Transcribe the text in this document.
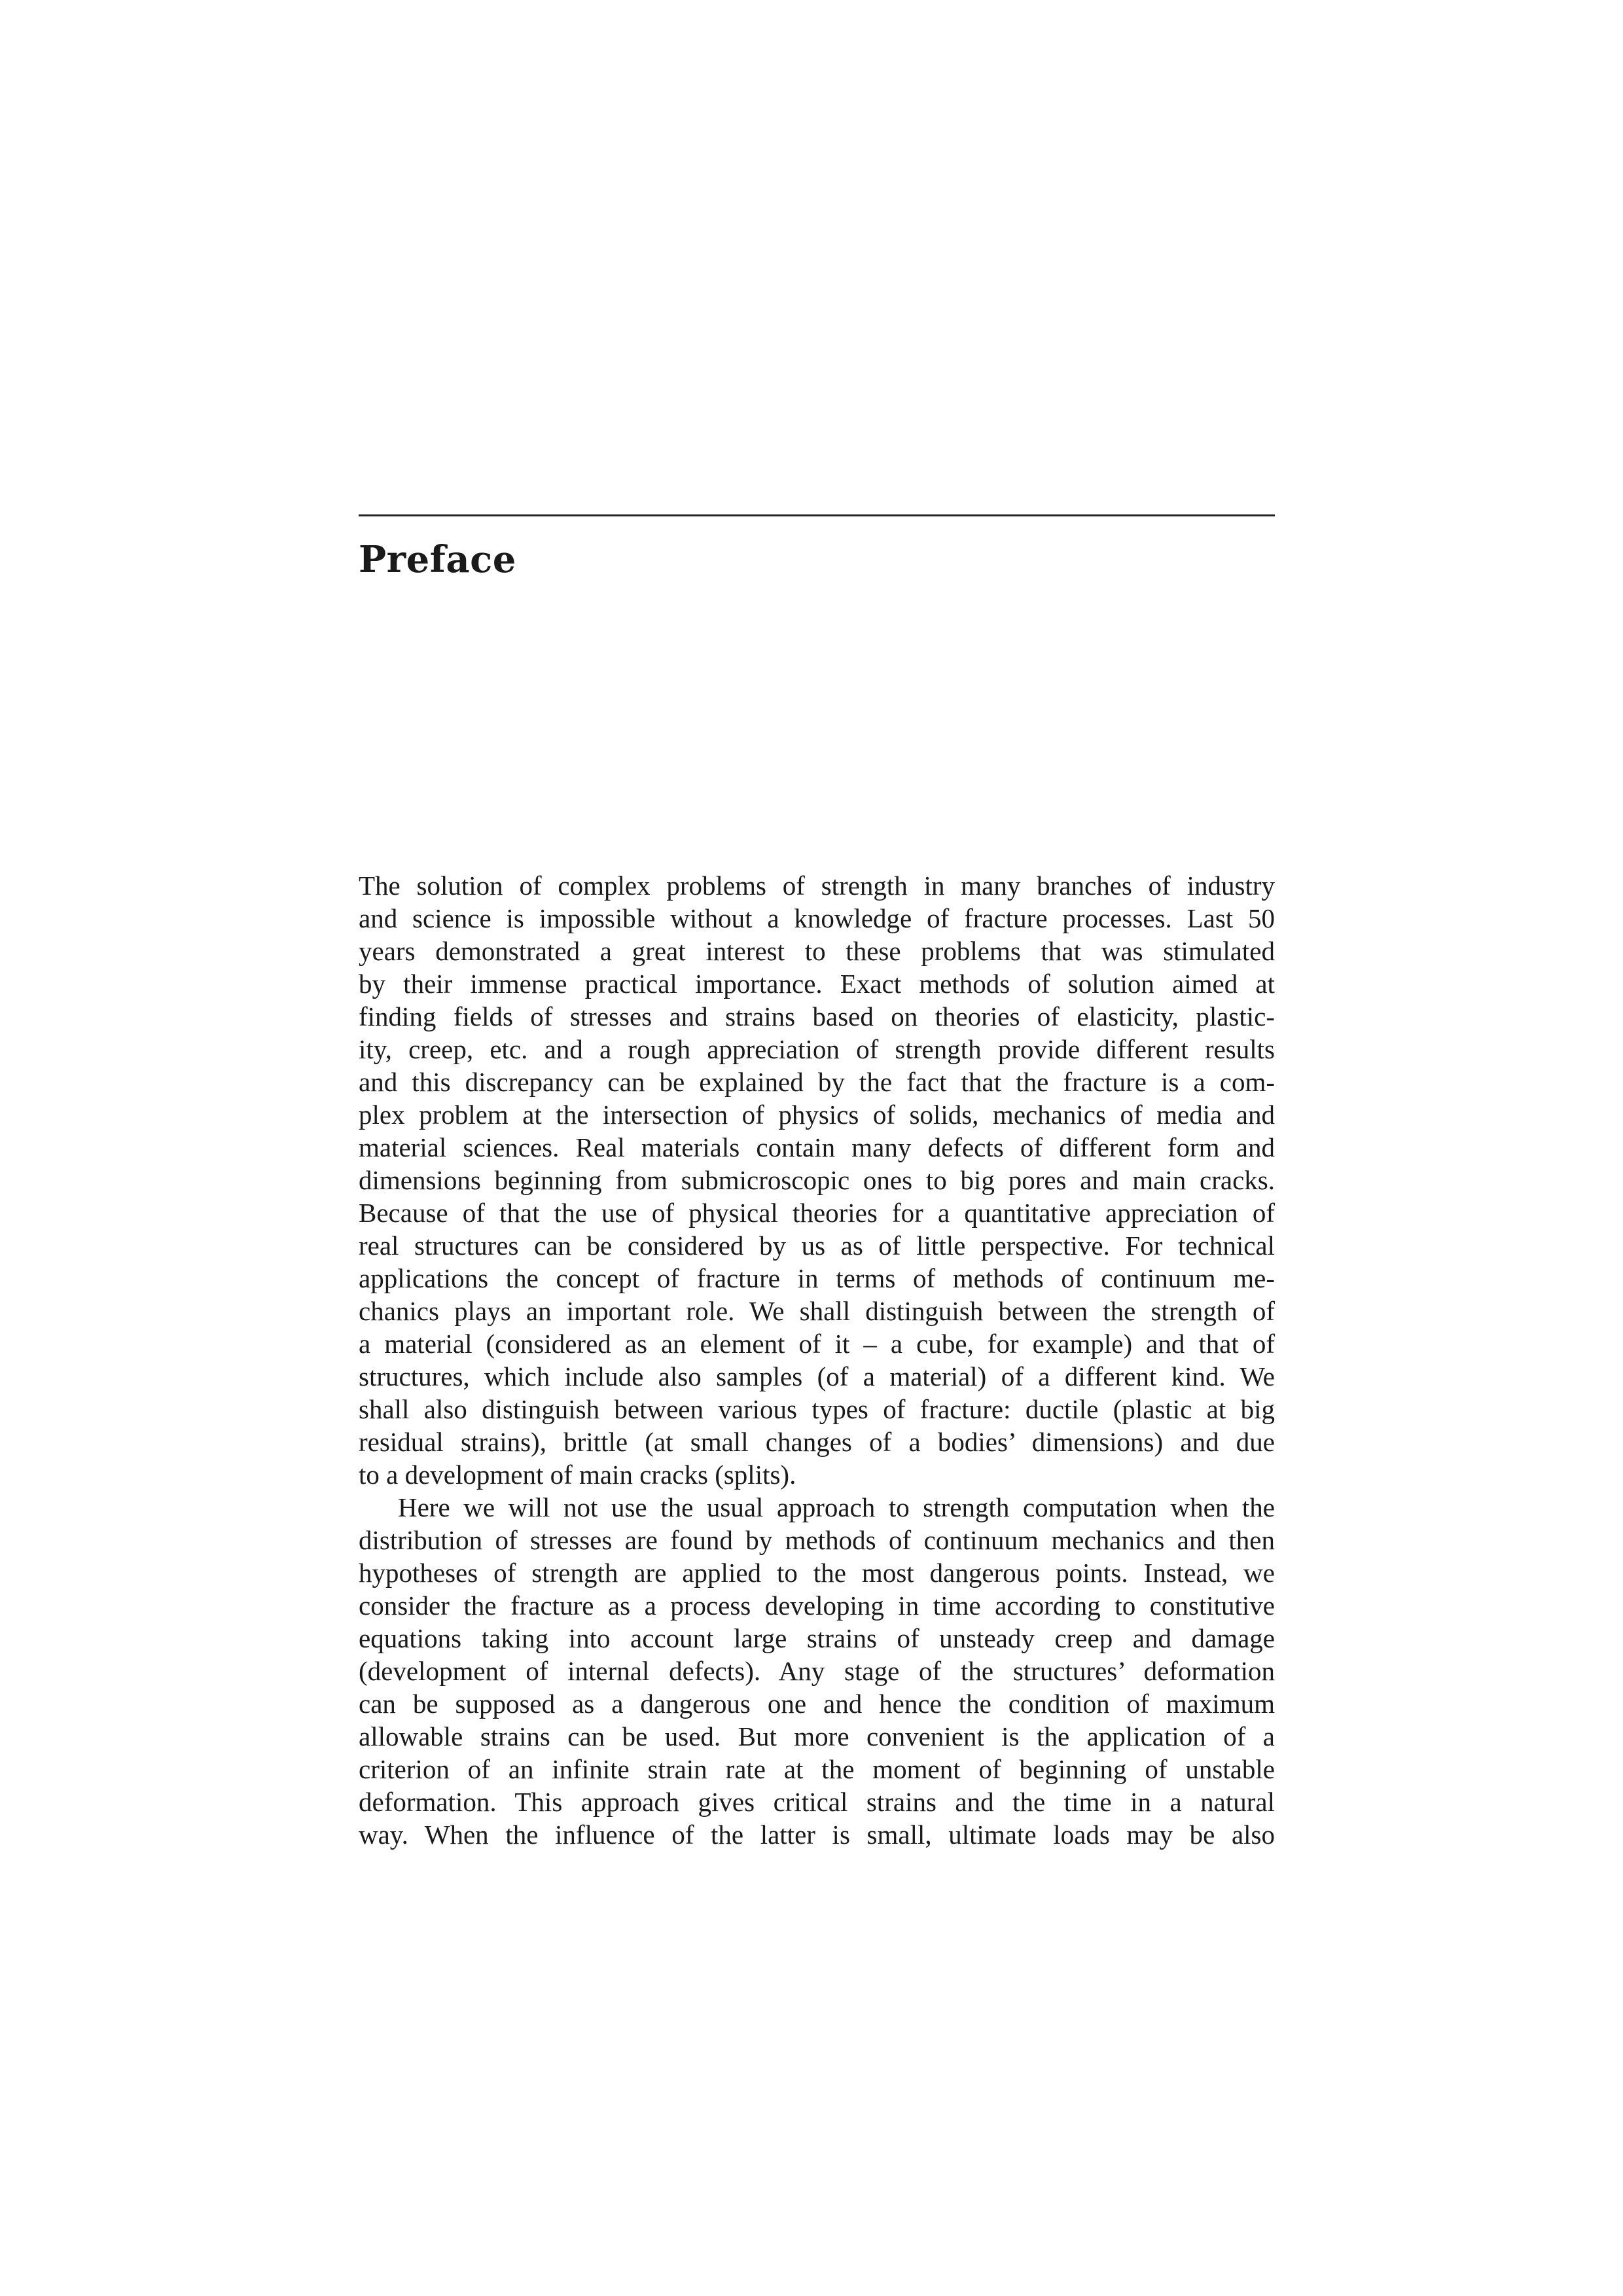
Preface
The solution of complex problems of strength in many branches of industry
and science is impossible without a knowledge of fracture processes. Last 50
years demonstrated a great interest to these problems that was stimulated
by their immense practical importance. Exact methods of solution aimed at
finding fields of stresses and strains based on theories of elasticity, plastic-
ity, creep, etc. and a rough appreciation of strength provide different results
and this discrepancy can be explained by the fact that the fracture is a com-
plex problem at the intersection of physics of solids, mechanics of media and
material sciences. Real materials contain many defects of different form and
dimensions beginning from submicroscopic ones to big pores and main cracks.
Because of that the use of physical theories for a quantitative appreciation of
real structures can be considered by us as of little perspective. For technical
applications the concept of fracture in terms of methods of continuum me-
chanics plays an important role. We shall distinguish between the strength of
a material (considered as an element of it – a cube, for example) and that of
structures, which include also samples (of a material) of a different kind. We
shall also distinguish between various types of fracture: ductile (plastic at big
residual strains), brittle (at small changes of a bodies’ dimensions) and due
to a development of main cracks (splits).
Here we will not use the usual approach to strength computation when the
distribution of stresses are found by methods of continuum mechanics and then
hypotheses of strength are applied to the most dangerous points. Instead, we
consider the fracture as a process developing in time according to constitutive
equations taking into account large strains of unsteady creep and damage
(development of internal defects). Any stage of the structures’ deformation
can be supposed as a dangerous one and hence the condition of maximum
allowable strains can be used. But more convenient is the application of a
criterion of an infinite strain rate at the moment of beginning of unstable
deformation. This approach gives critical strains and the time in a natural
way. When the influence of the latter is small, ultimate loads may be also
